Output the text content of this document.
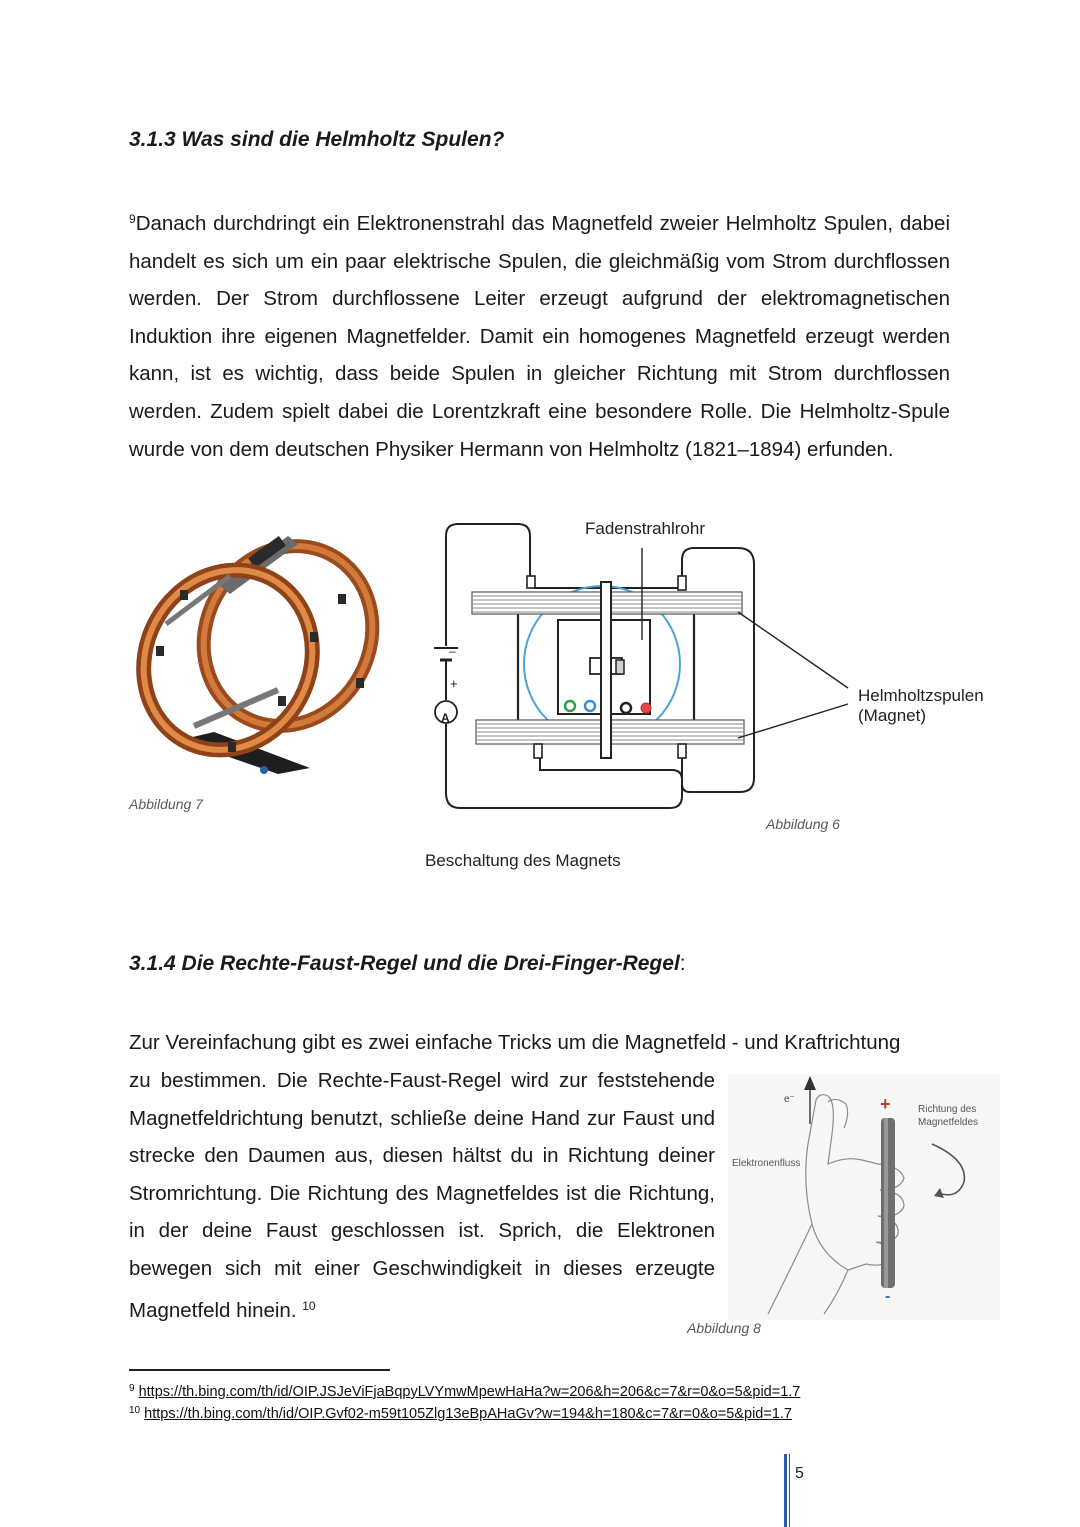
3.1.3 Was sind die Helmholtz Spulen?
$^9$Danach durchdringt ein Elektronenstrahl das Magnetfeld zweier Helmholtz Spulen, dabei handelt es sich um ein paar elektrische Spulen, die gleichmäßig vom Strom durchflossen werden. Der Strom durchflossene Leiter erzeugt aufgrund der elektromagnetischen Induktion ihre eigenen Magnetfelder. Damit ein homogenes Magnetfeld erzeugt werden kann, ist es wichtig, dass beide Spulen in gleicher Richtung mit Strom durchflossen werden. Zudem spielt dabei die Lorentzkraft eine besondere Rolle. Die Helmholtz-Spule wurde von dem deutschen Physiker Hermann von Helmholtz (1821–1894) erfunden.
Abbildung 7
–
+
A
Fadenstrahlrohr
Helmholtzspulen
(Magnet)
Abbildung 6
Beschaltung des Magnets
3.1.4 Die Rechte-Faust-Regel und die Drei-Finger-Regel:
Zur Vereinfachung gibt es zwei einfache Tricks um die Magnetfeld - und Kraftrichtung
zu bestimmen. Die Rechte-Faust-Regel wird zur feststehende Magnetfeldrichtung benutzt, schließe deine Hand zur Faust und strecke den Daumen aus, diesen hältst du in Richtung deiner Stromrichtung. Die Richtung des Magnetfeldes ist die Richtung, in der deine Faust geschlossen ist. Sprich, die Elektronen bewegen sich mit einer Geschwindigkeit in dieses erzeugte Magnetfeld hinein. $^{10}$
e⁻
Elektronenfluss
+
-
Richtung des
Magnetfeldes
Abbildung 8
$^9$ https://th.bing.com/th/id/OIP.JSJeViFjaBqpyLVYmwMpewHaHa?w=206&h=206&c=7&r=0&o=5&pid=1.7
$^{10}$ https://th.bing.com/th/id/OIP.Gvf02-m59t105Zlg13eBpAHaGv?w=194&h=180&c=7&r=0&o=5&pid=1.7
5
